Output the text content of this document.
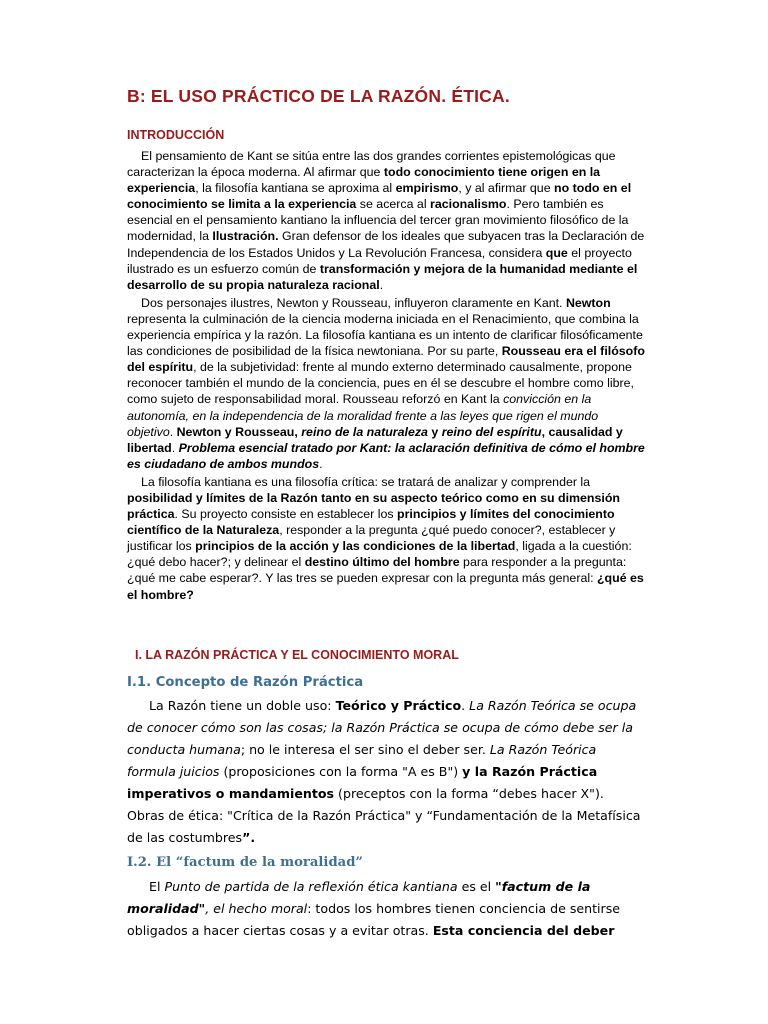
B: EL USO PRÁCTICO DE LA RAZÓN. ÉTICA.
INTRODUCCIÓN

El pensamiento de Kant se sitúa entre las dos grandes corrientes epistemológicas que caracterizan la época moderna. Al afirmar que todo conocimiento tiene origen en la experiencia, la filosofía kantiana se aproxima al empirismo, y al afirmar que no todo en el conocimiento se limita a la experiencia se acerca al racionalismo. Pero también es esencial en el pensamiento kantiano la influencia del tercer gran movimiento filosófico de la modernidad, la Ilustración. Gran defensor de los ideales que subyacen tras la Declaración de Independencia de los Estados Unidos y La Revolución Francesa, considera que el proyecto ilustrado es un esfuerzo común de transformación y mejora de la humanidad mediante el desarrollo de su propia naturaleza racional.

Dos personajes ilustres, Newton y Rousseau, influyeron claramente en Kant. Newton representa la culminación de la ciencia moderna iniciada en el Renacimiento, que combina la experiencia empírica y la razón. La filosofía kantiana es un intento de clarificar filosóficamente las condiciones de posibilidad de la física newtoniana. Por su parte, Rousseau era el filósofo del espíritu, de la subjetividad: frente al mundo externo determinado causalmente, propone reconocer también el mundo de la conciencia, pues en él se descubre el hombre como libre, como sujeto de responsabilidad moral. Rousseau reforzó en Kant la convicción en la autonomía, en la independencia de la moralidad frente a las leyes que rigen el mundo objetivo. Newton y Rousseau, reino de la naturaleza y reino del espíritu, causalidad y libertad. Problema esencial tratado por Kant: la aclaración definitiva de cómo el hombre es ciudadano de ambos mundos.

La filosofía kantiana es una filosofía crítica: se tratará de analizar y comprender la posibilidad y límites de la Razón tanto en su aspecto teórico como en su dimensión práctica. Su proyecto consiste en establecer los principios y límites del conocimiento científico de la Naturaleza, responder a la pregunta ¿qué puedo conocer?, establecer y justificar los principios de la acción y las condiciones de la libertad, ligada a la cuestión: ¿qué debo hacer?; y delinear el destino último del hombre para responder a la pregunta: ¿qué me cabe esperar?. Y las tres se pueden expresar con la pregunta más general: ¿qué es el hombre?

I. LA RAZÓN PRÁCTICA Y EL CONOCIMIENTO MORAL
I.1. Concepto de Razón Práctica

La Razón tiene un doble uso: Teórico y Práctico. La Razón Teórica se ocupa de conocer cómo son las cosas; la Razón Práctica se ocupa de cómo debe ser la conducta humana; no le interesa el ser sino el deber ser. La Razón Teórica formula juicios (proposiciones con la forma "A es B") y la Razón Práctica imperativos o mandamientos (preceptos con la forma “debes hacer X"). Obras de ética: "Crítica de la Razón Práctica" y “Fundamentación de la Metafísica de las costumbres”.

I.2. El “factum de la moralidad”

El Punto de partida de la reflexión ética kantiana es el "factum de la moralidad", el hecho moral: todos los hombres tienen conciencia de sentirse obligados a hacer ciertas cosas y a evitar otras. Esta conciencia del deber
